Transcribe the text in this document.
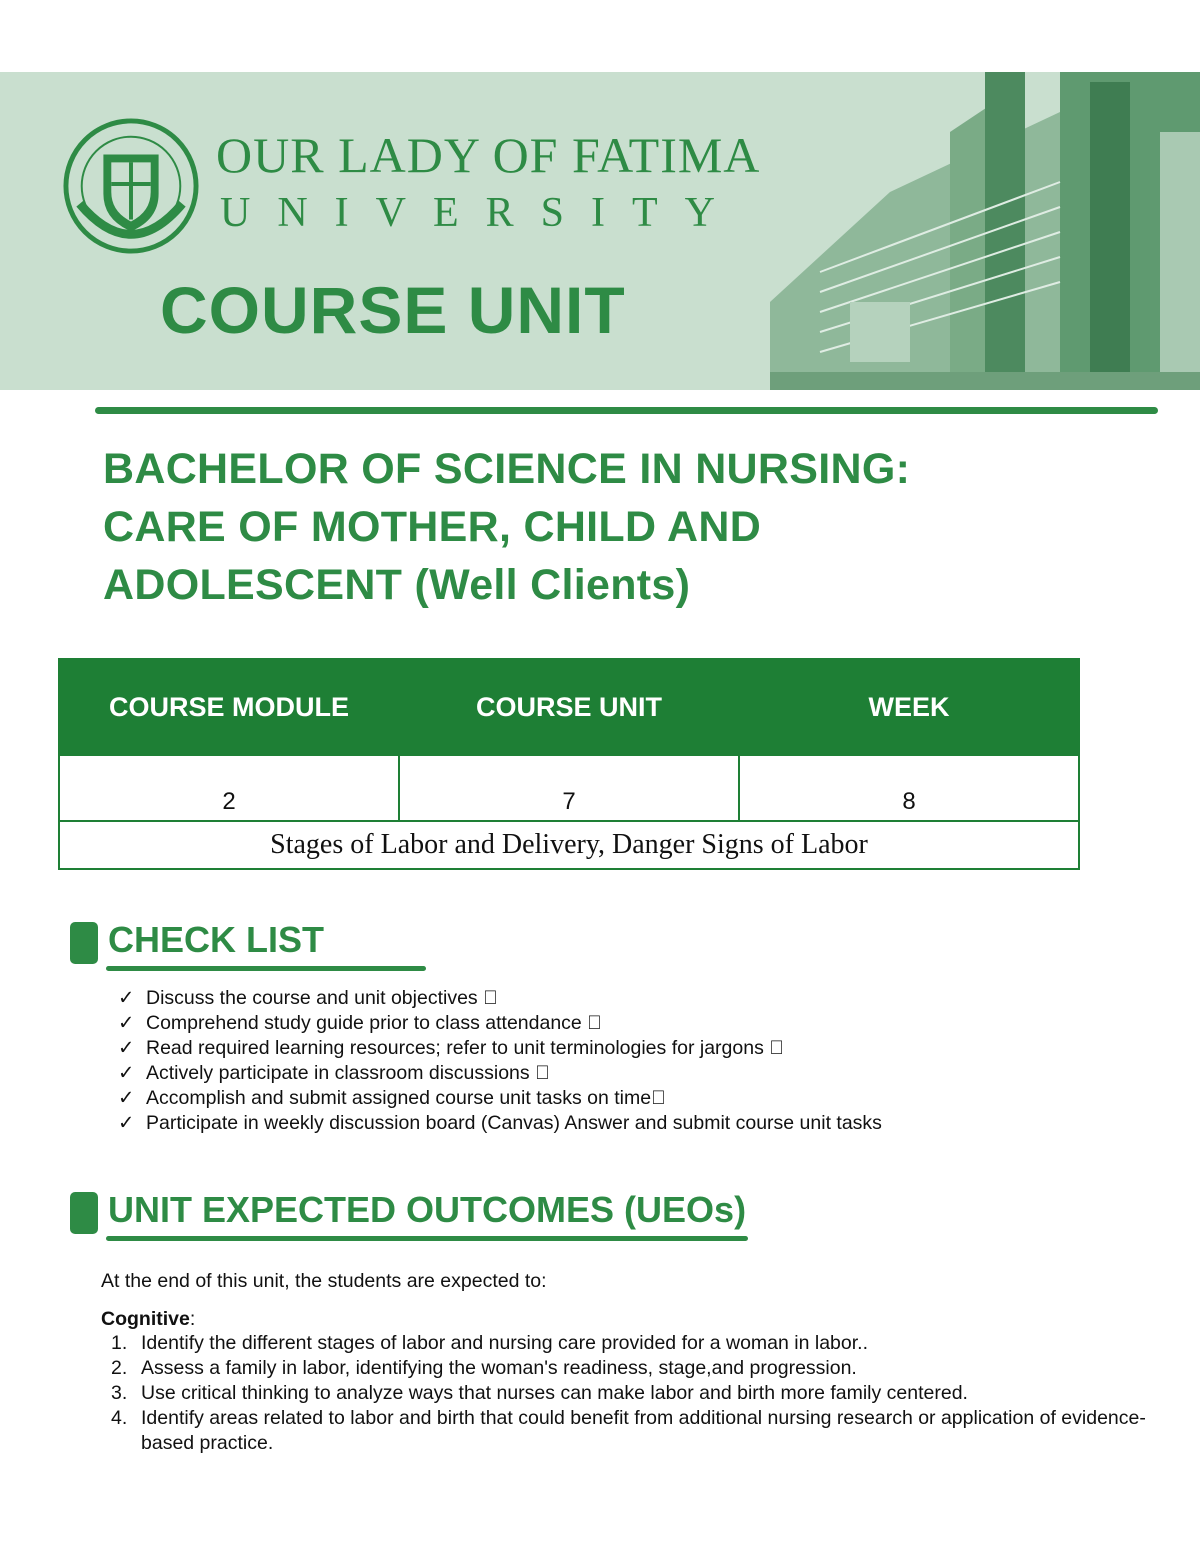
OUR LADY OF FATIMA
UNIVERSITY
COURSE UNIT
BACHELOR OF SCIENCE IN NURSING:
CARE OF MOTHER, CHILD AND
ADOLESCENT (Well Clients)
COURSE MODULE	COURSE UNIT	WEEK
2	7	8
Stages of Labor and Delivery, Danger Signs of Labor		
CHECK LIST
✓ Discuss the course and unit objectives
✓ Comprehend study guide prior to class attendance
✓ Read required learning resources; refer to unit terminologies for jargons
✓ Actively participate in classroom discussions
✓ Accomplish and submit assigned course unit tasks on time
✓ Participate in weekly discussion board (Canvas) Answer and submit course unit tasks
UNIT EXPECTED OUTCOMES (UEOs)

At the end of this unit, the students are expected to:

Cognitive:

1. Identify the different stages of labor and nursing care provided for a woman in labor..
2. Assess a family in labor, identifying the woman's readiness, stage,and progression.
3. Use critical thinking to analyze ways that nurses can make labor and birth more family centered.
4. Identify areas related to labor and birth that could benefit from additional nursing research or application of evidence-based practice.
